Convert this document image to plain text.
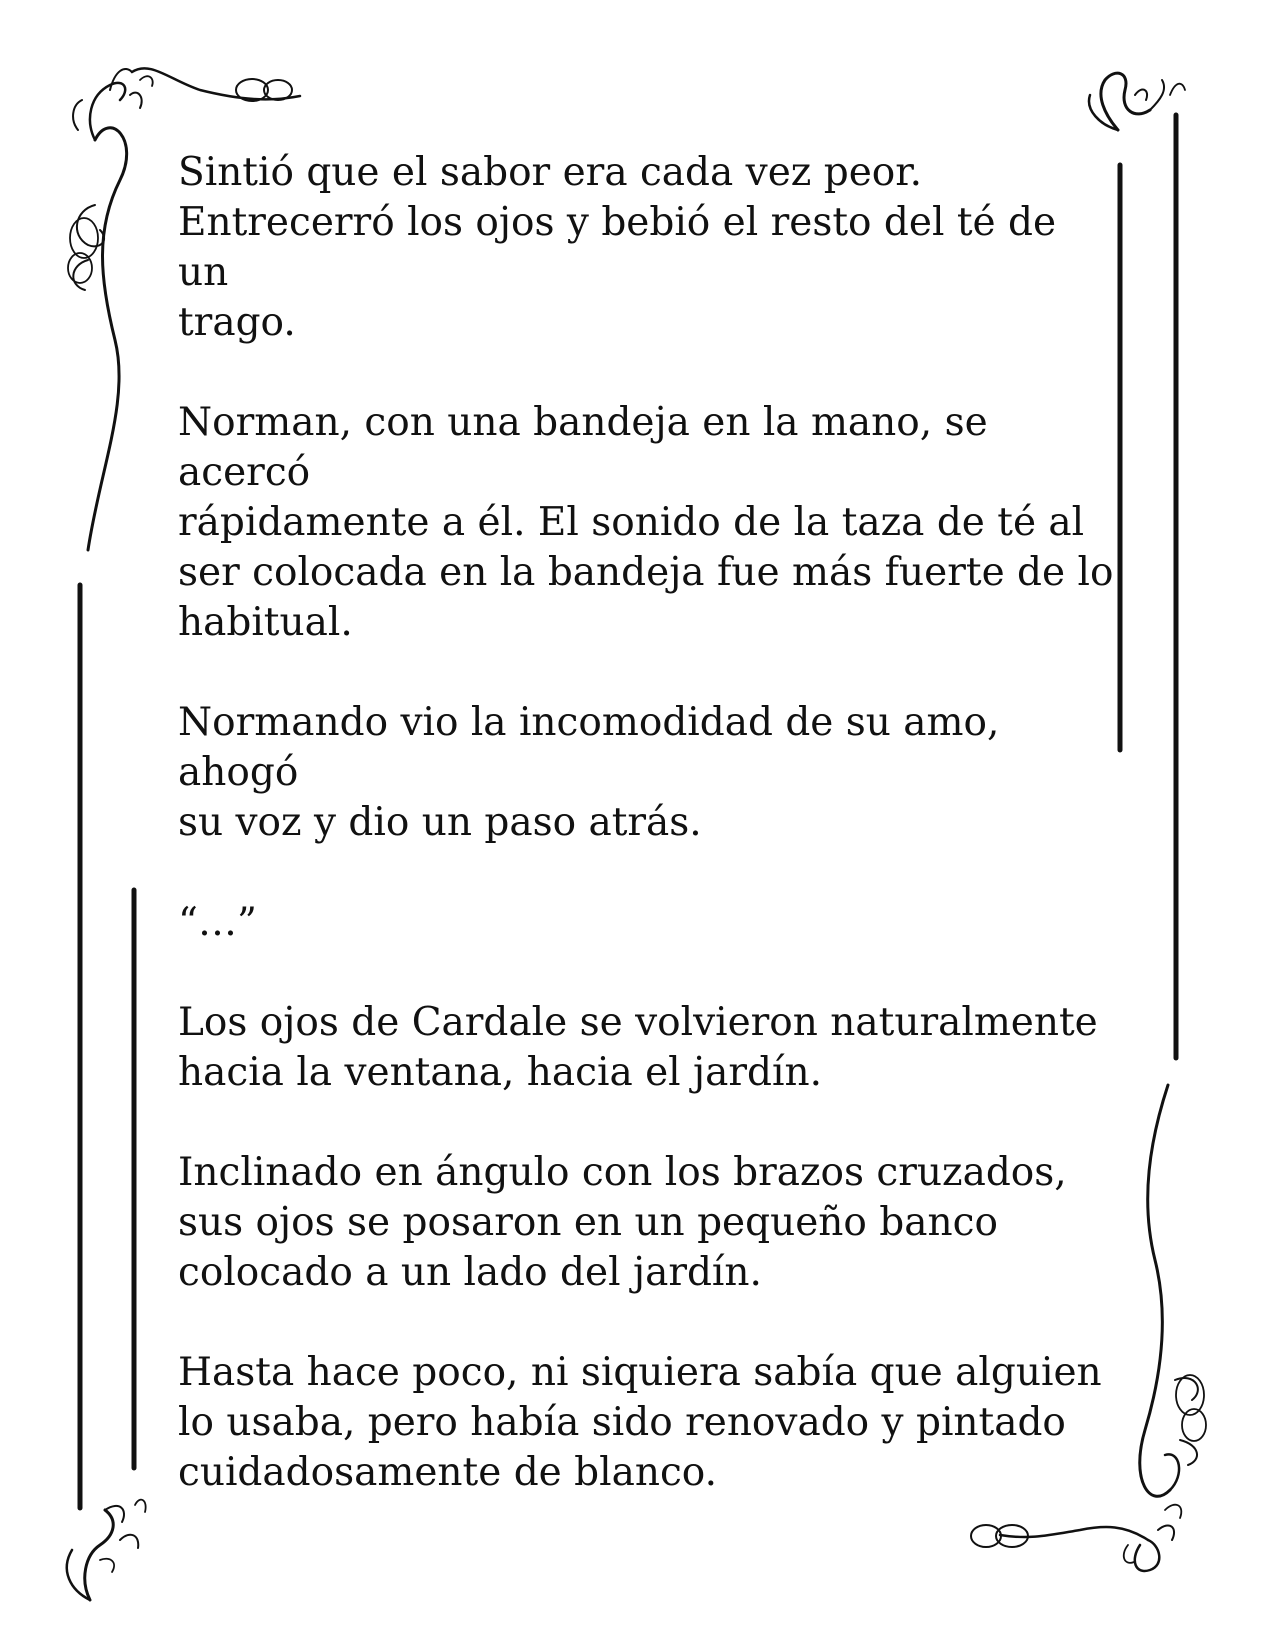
Sintió que el sabor era cada vez peor.
Entrecerró los ojos y bebió el resto del té de un
trago.

Norman, con una bandeja en la mano, se acercó
rápidamente a él. El sonido de la taza de té al
ser colocada en la bandeja fue más fuerte de lo
habitual.

Normando vio la incomodidad de su amo, ahogó
su voz y dio un paso atrás.

“…”

Los ojos de Cardale se volvieron naturalmente
hacia la ventana, hacia el jardín.

Inclinado en ángulo con los brazos cruzados,
sus ojos se posaron en un pequeño banco
colocado a un lado del jardín.

Hasta hace poco, ni siquiera sabía que alguien
lo usaba, pero había sido renovado y pintado
cuidadosamente de blanco.
